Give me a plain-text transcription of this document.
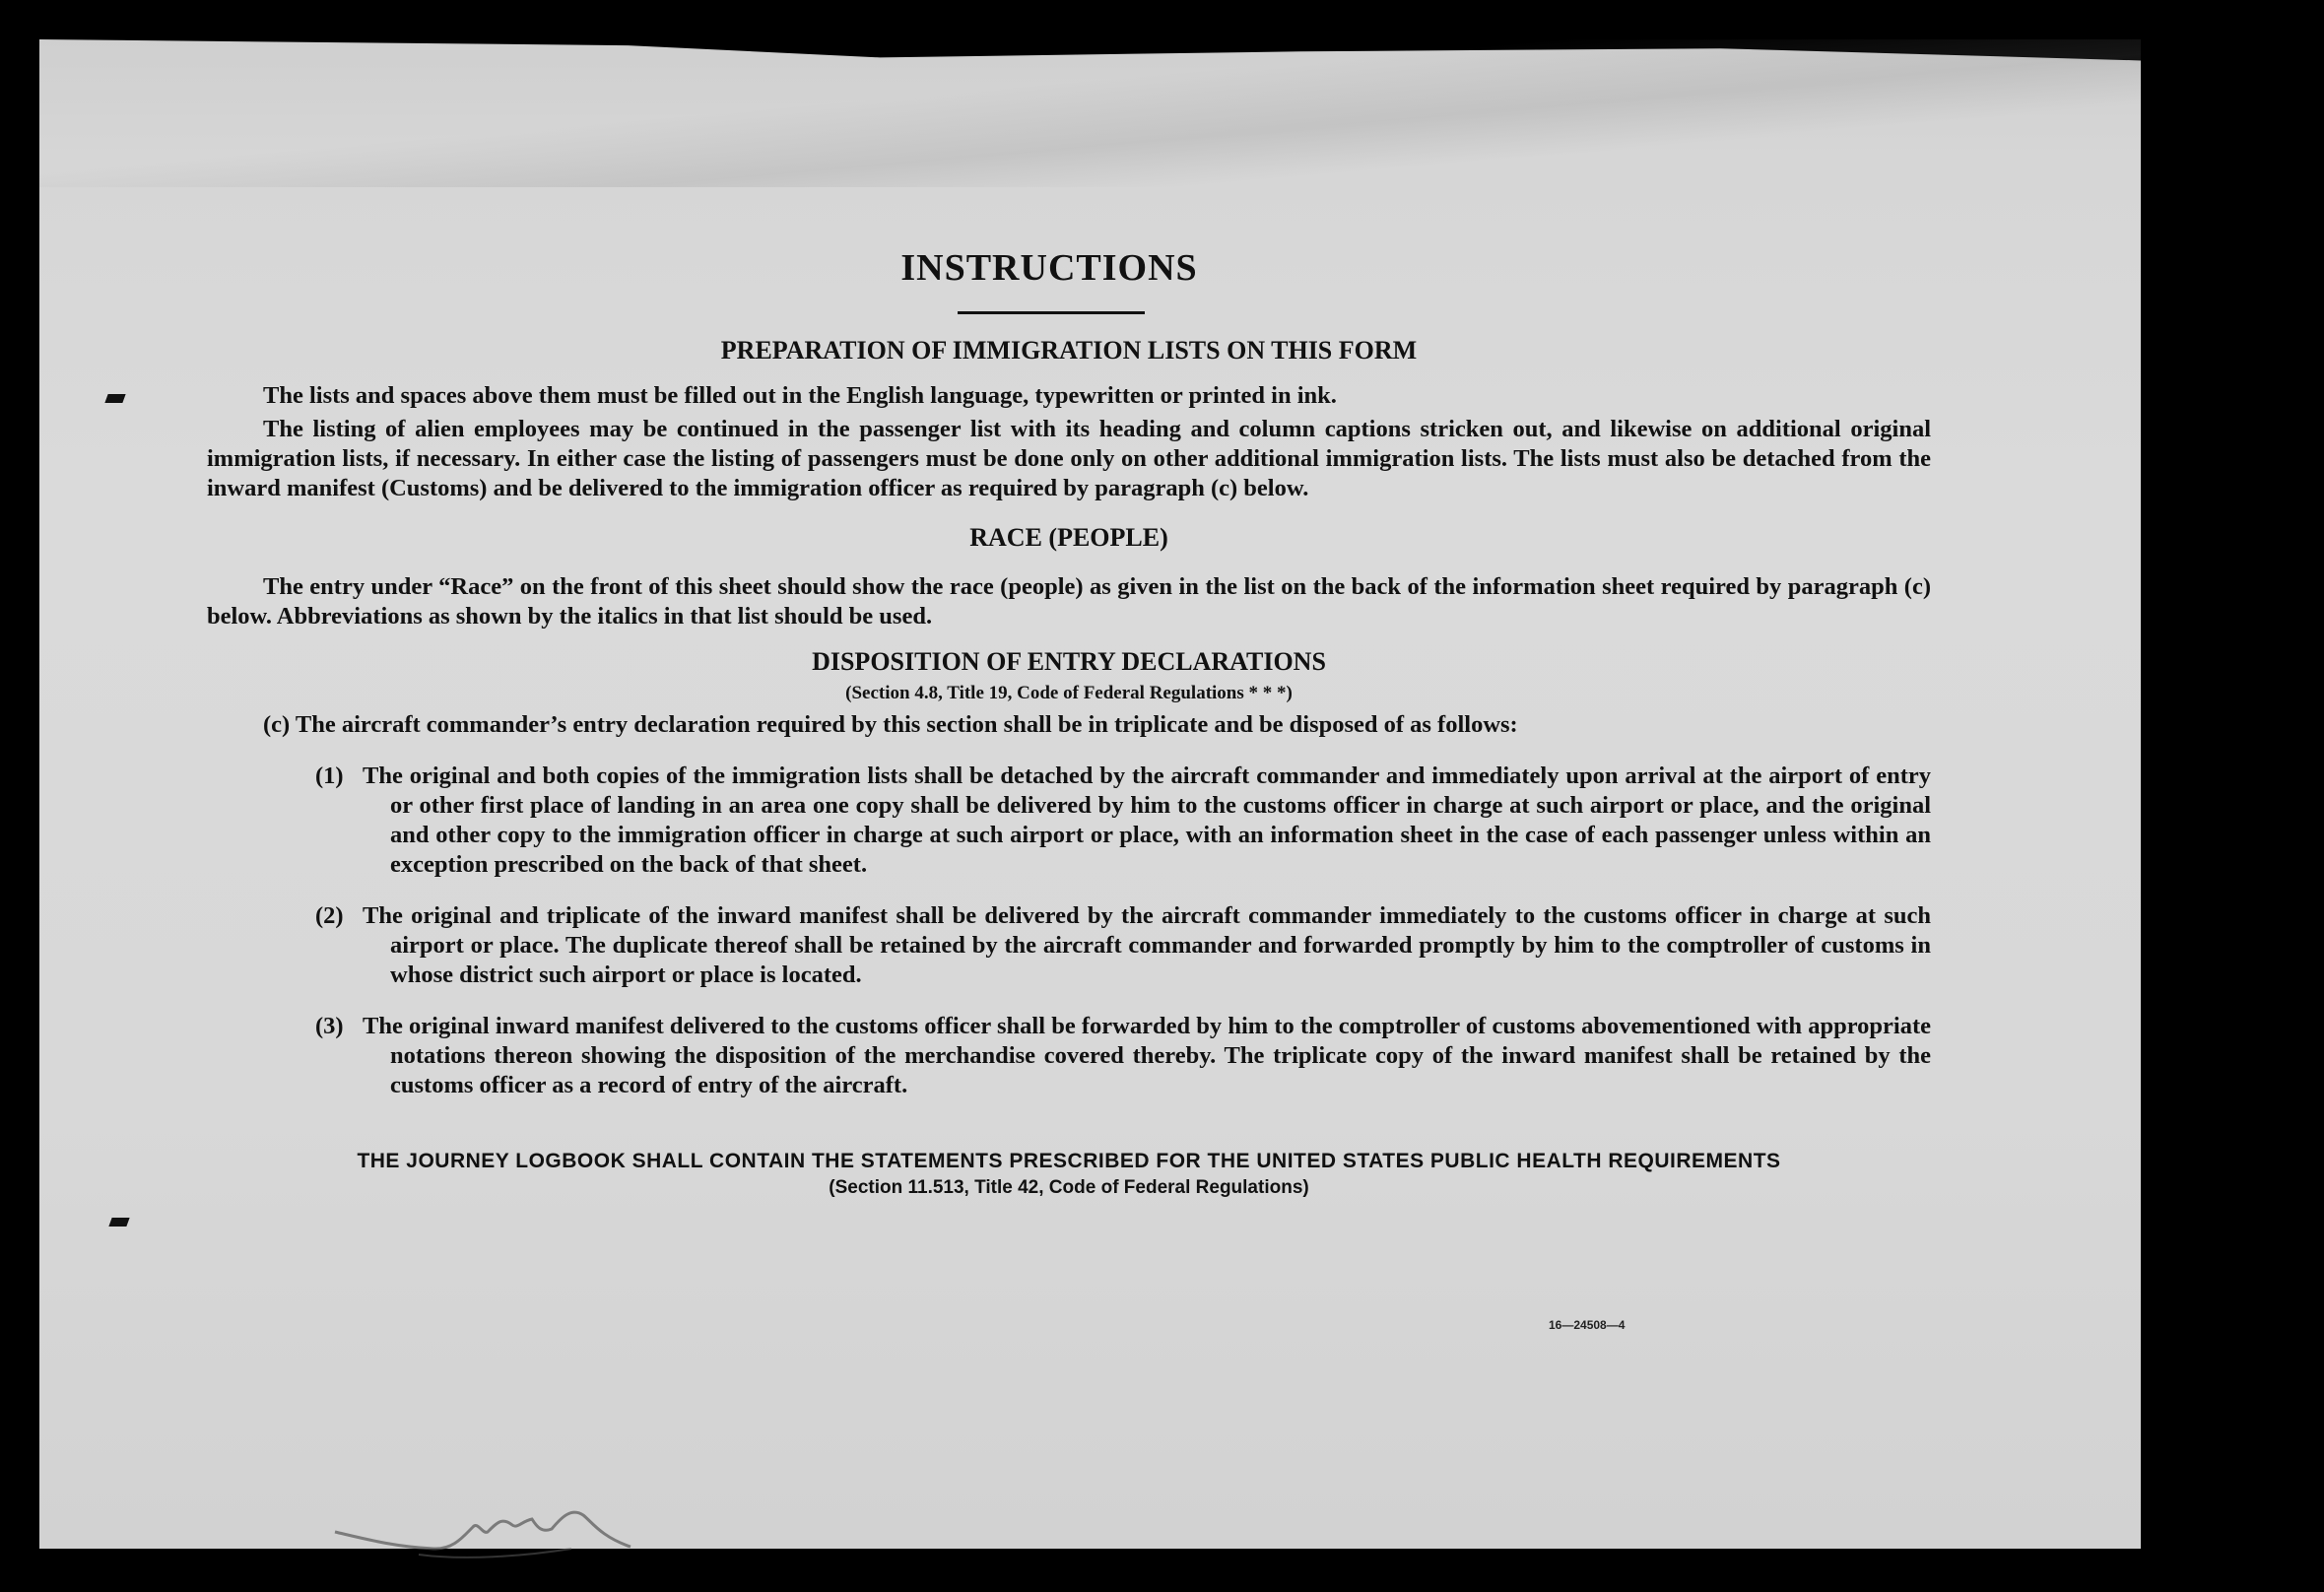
INSTRUCTIONS
PREPARATION OF IMMIGRATION LISTS ON THIS FORM

The lists and spaces above them must be filled out in the English language, typewritten or printed in ink.

The listing of alien employees may be continued in the passenger list with its heading and column captions stricken out, and likewise on additional original immigration lists, if necessary. In either case the listing of passengers must be done only on other additional immigration lists. The lists must also be detached from the inward manifest (Customs) and be delivered to the immigration officer as required by paragraph (c) below.

RACE (PEOPLE)

The entry under “Race” on the front of this sheet should show the race (people) as given in the list on the back of the information sheet required by paragraph (c) below. Abbreviations as shown by the italics in that list should be used.

DISPOSITION OF ENTRY DECLARATIONS
(Section 4.8, Title 19, Code of Federal Regulations * * *)

(c) The aircraft commander’s entry declaration required by this section shall be in triplicate and be disposed of as follows:

(1) The original and both copies of the immigration lists shall be detached by the aircraft commander and immediately upon arrival at the airport of entry or other first place of landing in an area one copy shall be delivered by him to the customs officer in charge at such airport or place, and the original and other copy to the immigration officer in charge at such airport or place, with an information sheet in the case of each passenger unless within an exception prescribed on the back of that sheet.
(2) The original and triplicate of the inward manifest shall be delivered by the aircraft commander immediately to the customs officer in charge at such airport or place. The duplicate thereof shall be retained by the aircraft commander and forwarded promptly by him to the comptroller of customs in whose district such airport or place is located.
(3) The original inward manifest delivered to the customs officer shall be forwarded by him to the comptroller of customs abovementioned with appropriate notations thereon showing the disposition of the merchandise covered thereby. The triplicate copy of the inward manifest shall be retained by the customs officer as a record of entry of the aircraft.
THE JOURNEY LOGBOOK SHALL CONTAIN THE STATEMENTS PRESCRIBED FOR THE UNITED STATES PUBLIC HEALTH REQUIREMENTS
(Section 11.513, Title 42, Code of Federal Regulations)
16—24508—4
